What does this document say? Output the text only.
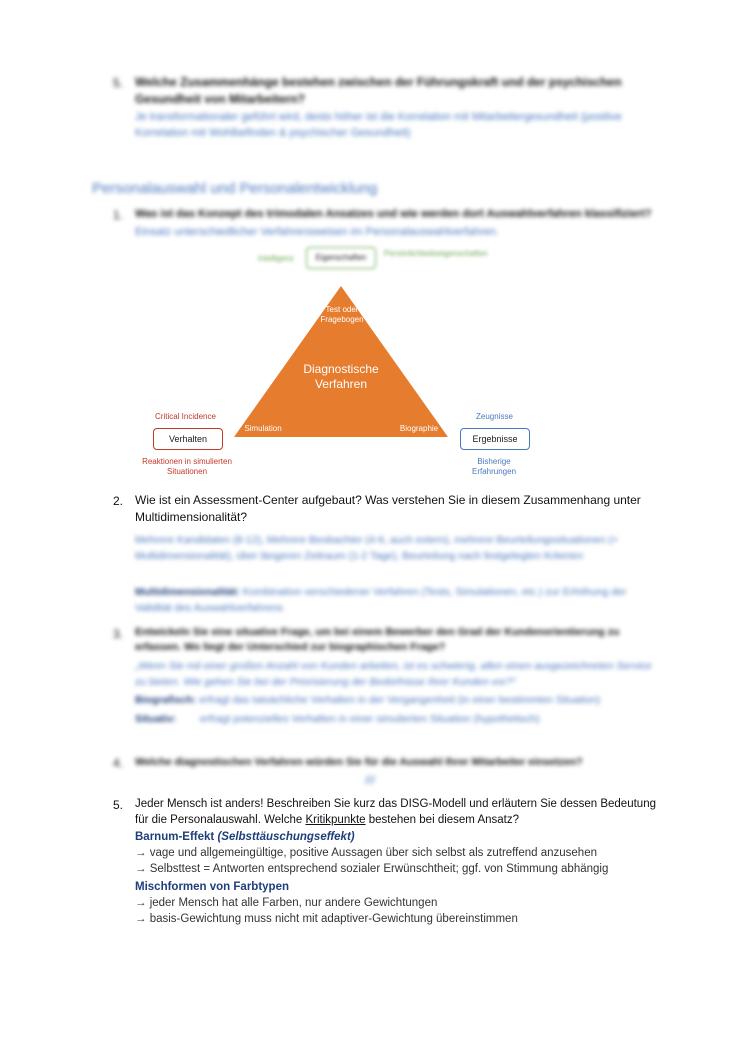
5. Welche Zusammenhänge bestehen zwischen der Führungskraft und der psychischen Gesundheit von Mitarbeitern?
Je transformationaler geführt wird, desto höher ist die Korrelation mit Mitarbeitergesundheit (positive Korrelation mit Wohlbefinden & psychischer Gesundheit)
Personalauswahl und Personalentwicklung
1. Was ist das Konzept des trimodalen Ansatzes und wie werden dort Auswahlverfahren klassifiziert?
Einsatz unterschiedlicher Verfahrensweisen im Personalauswahlverfahren.
Intelligenz	Eigenschaften	Persönlichkeitseigenschaften
Test oder Fragebogen
Diagnostische Verfahren
Simulation	Biographie
Critical Incidence
Verhalten
Reaktionen in simulierten Situationen
Zeugnisse
Ergebnisse
Bisherige Erfahrungen
2. Wie ist ein Assessment-Center aufgebaut? Was verstehen Sie in diesem Zusammenhang unter Multidimensionalität?
Mehrere Kandidaten (8-12), Mehrere Beobachter (4-6, auch extern), mehrere Beurteilungssituationen (= Multidimensionalität), über längeren Zeitraum (1-2 Tage), Beurteilung nach festgelegten Kriterien
Multidimensionalität: Kombination verschiedener Verfahren (Tests, Simulationen, etc.) zur Erhöhung der Validität des Auswahlverfahrens
3. Entwickeln Sie eine situative Frage, um bei einem Bewerber den Grad der Kundenorientierung zu erfassen. Wo liegt der Unterschied zur biographischen Frage?
„Wenn Sie mit einer großen Anzahl von Kunden arbeiten, ist es schwierig, allen einen ausgezeichneten Service zu bieten. Wie gehen Sie bei der Priorisierung der Bedürfnisse Ihrer Kunden vor?“
Biografisch: erfragt das tatsächliche Verhalten in der Vergangenheit (in einer bestimmten Situation)
Situativ: erfragt potenzielles Verhalten in einer simulierten Situation (hypothetisch)
4. Welche diagnostischen Verfahren würden Sie für die Auswahl Ihrer Mitarbeiter einsetzen?
///
5. Jeder Mensch ist anders! Beschreiben Sie kurz das DISG-Modell und erläutern Sie dessen Bedeutung
für die Personalauswahl. Welche Kritikpunkte bestehen bei diesem Ansatz?
Barnum-Effekt (Selbsttäuschungseffekt)
→ vage und allgemeingültige, positive Aussagen über sich selbst als zutreffend anzusehen
→ Selbsttest = Antworten entsprechend sozialer Erwünschtheit; ggf. von Stimmung abhängig
Mischformen von Farbtypen
→ jeder Mensch hat alle Farben, nur andere Gewichtungen
→ basis-Gewichtung muss nicht mit adaptiver-Gewichtung übereinstimmen
